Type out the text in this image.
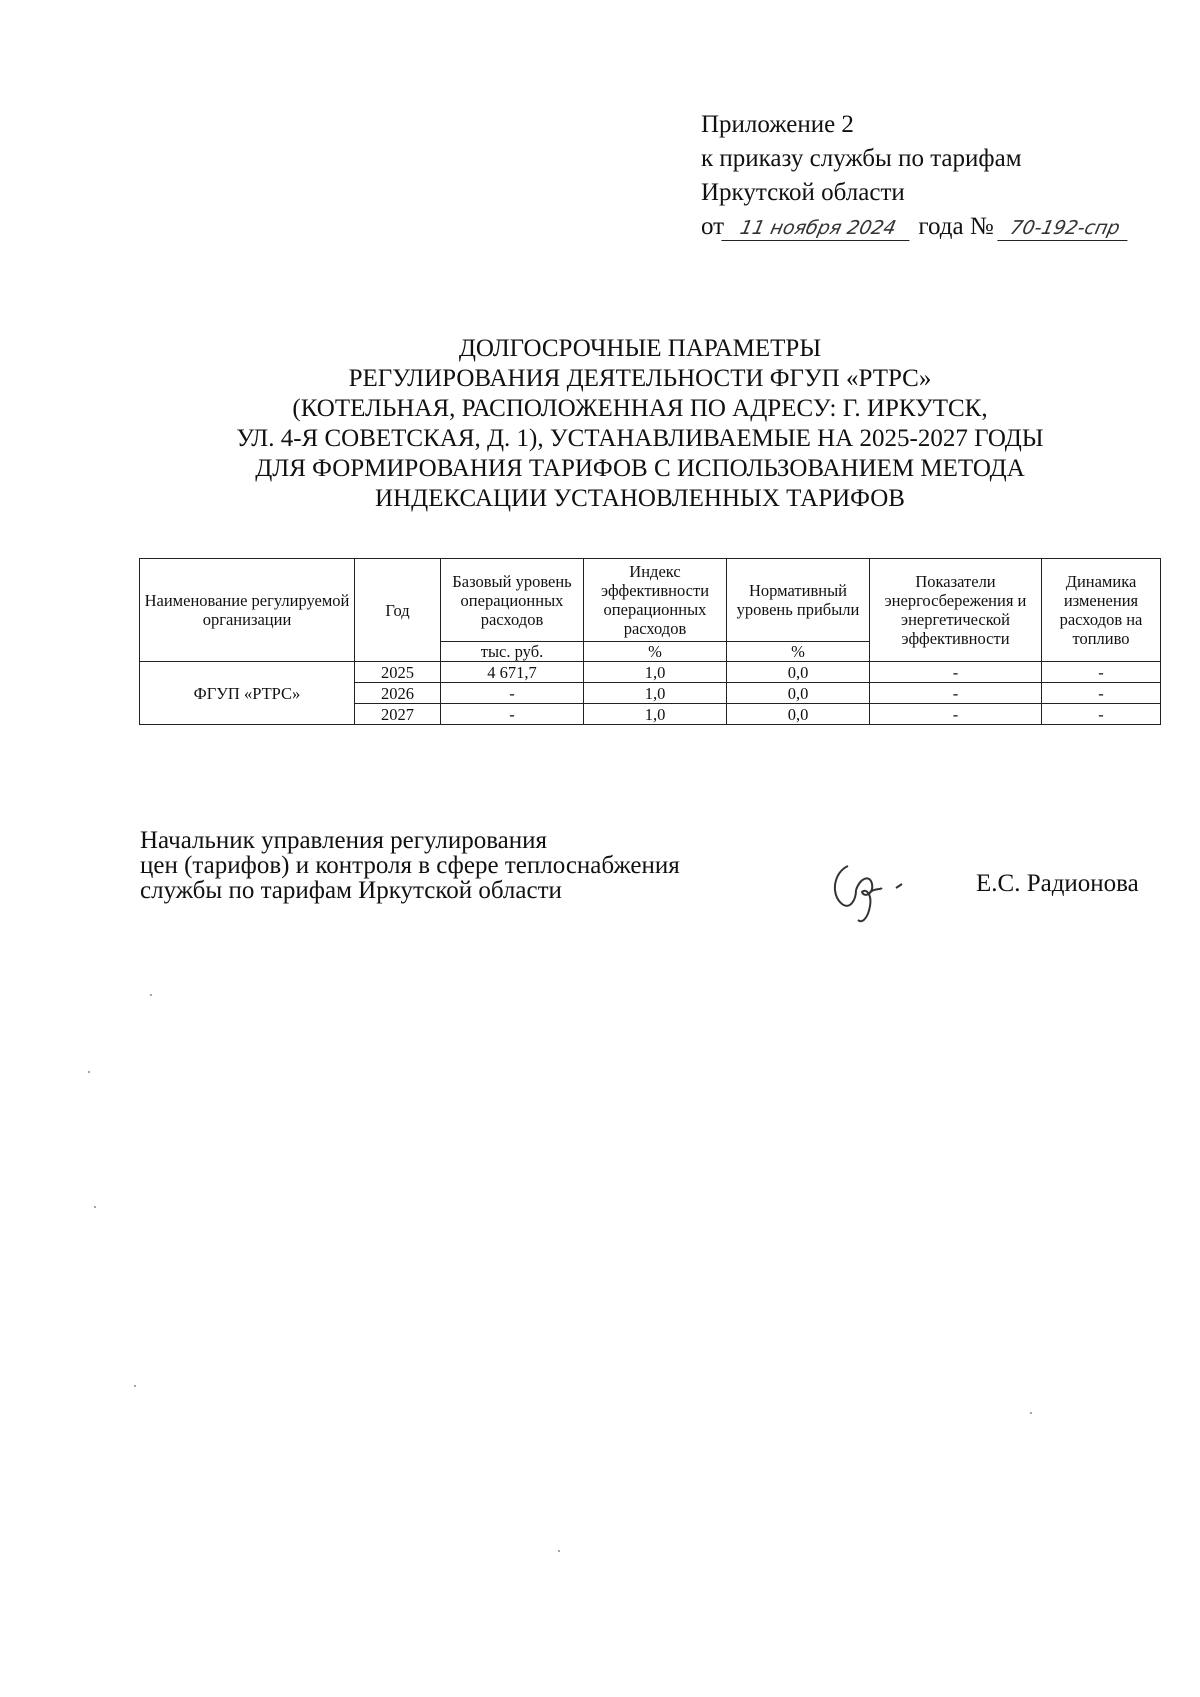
Приложение 2
к приказу службы по тарифам
Иркутской области
от 11 ноября 2024 года № 70-192-спр
ДОЛГОСРОЧНЫЕ ПАРАМЕТРЫ
РЕГУЛИРОВАНИЯ ДЕЯТЕЛЬНОСТИ ФГУП «РТРС»
(КОТЕЛЬНАЯ, РАСПОЛОЖЕННАЯ ПО АДРЕСУ: Г. ИРКУТСК,
УЛ. 4-Я СОВЕТСКАЯ, Д. 1), УСТАНАВЛИВАЕМЫЕ НА 2025-2027 ГОДЫ
ДЛЯ ФОРМИРОВАНИЯ ТАРИФОВ С ИСПОЛЬЗОВАНИЕМ МЕТОДА
ИНДЕКСАЦИИ УСТАНОВЛЕННЫХ ТАРИФОВ
Наименование регулируемой организации	Год	Базовый уровень операционных расходов	Индекс эффективности операционных расходов	Нормативный уровень прибыли	Показатели энергосбережения и энергетической эффективности	Динамика изменения расходов на топливо
		тыс. руб.	%	%		
ФГУП «РТРС»	2025	4 671,7	1,0	0,0	-	-
	2026	-	1,0	0,0	-	-
	2027	-	1,0	0,0	-	-
Начальник управления регулирования
цен (тарифов) и контроля в сфере теплоснабжения
службы по тарифам Иркутской области	Е.С. Радионова
